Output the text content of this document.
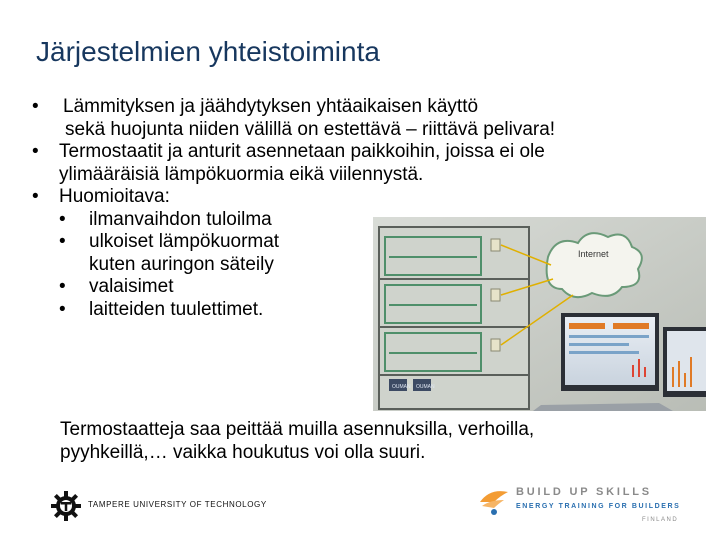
Järjestelmien yhteistoiminta
• Lämmityksen ja jäähdytyksen yhtäaikaisen käyttö
sekä huojunta niiden välillä on estettävä – riittävä pelivara!
• Termostaatit ja anturit asennetaan paikkoihin, joissa ei ole
ylimääräisiä lämpökuormia eikä viilennystä.
• Huomioitava:
• ilmanvaihdon tuloilma
• ulkoiset lämpökuormat
kuten auringon säteily
• valaisimet
• laitteiden tuulettimet.
OUMAN OUMAN
Internet
Termostaatteja saa peittää muilla asennuksilla, verhoilla,
pyyhkeillä,… vaikka houkutus voi olla suuri.
TAMPERE UNIVERSITY OF TECHNOLOGY
BUILD UP SKILLS
ENERGY TRAINING FOR BUILDERS
FINLAND
